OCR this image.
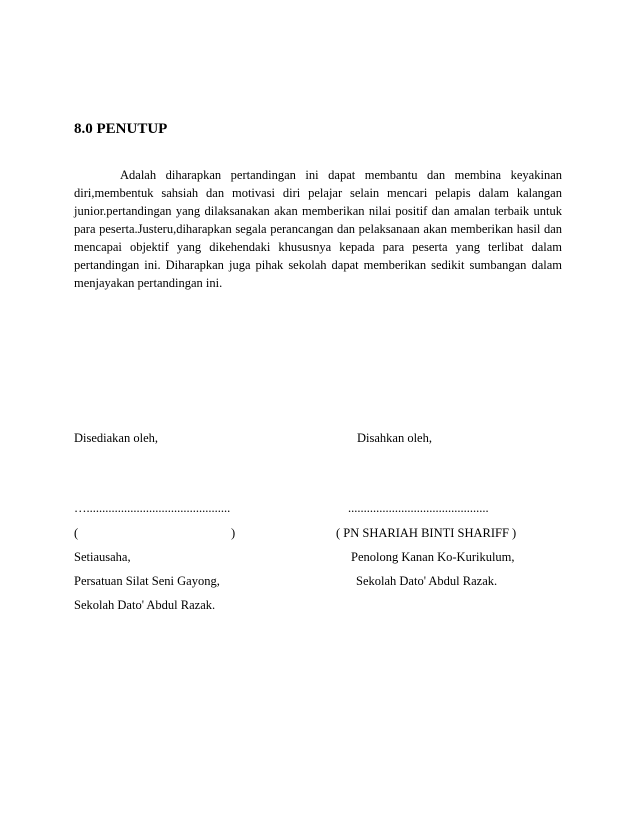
8.0 PENUTUP

Adalah diharapkan pertandingan ini dapat membantu dan membina keyakinan diri,membentuk sahsiah dan motivasi diri pelajar selain mencari pelapis dalam kalangan junior.pertandingan yang dilaksanakan akan memberikan nilai positif dan amalan terbaik untuk para peserta.Justeru,diharapkan segala perancangan dan pelaksanaan akan memberikan hasil dan mencapai objektif yang dikehendaki khususnya kepada para peserta yang terlibat dalam pertandingan ini. Diharapkan juga pihak sekolah dapat memberikan sedikit sumbangan dalam menjayakan pertandingan ini.

Disediakan oleh,
…..............................................
(	)
Setiausaha,
Persatuan Silat Seni Gayong,
Sekolah Dato' Abdul Razak.
Disahkan oleh,
.............................................
( PN SHARIAH BINTI SHARIFF )
Penolong Kanan Ko-Kurikulum,
Sekolah Dato' Abdul Razak.
